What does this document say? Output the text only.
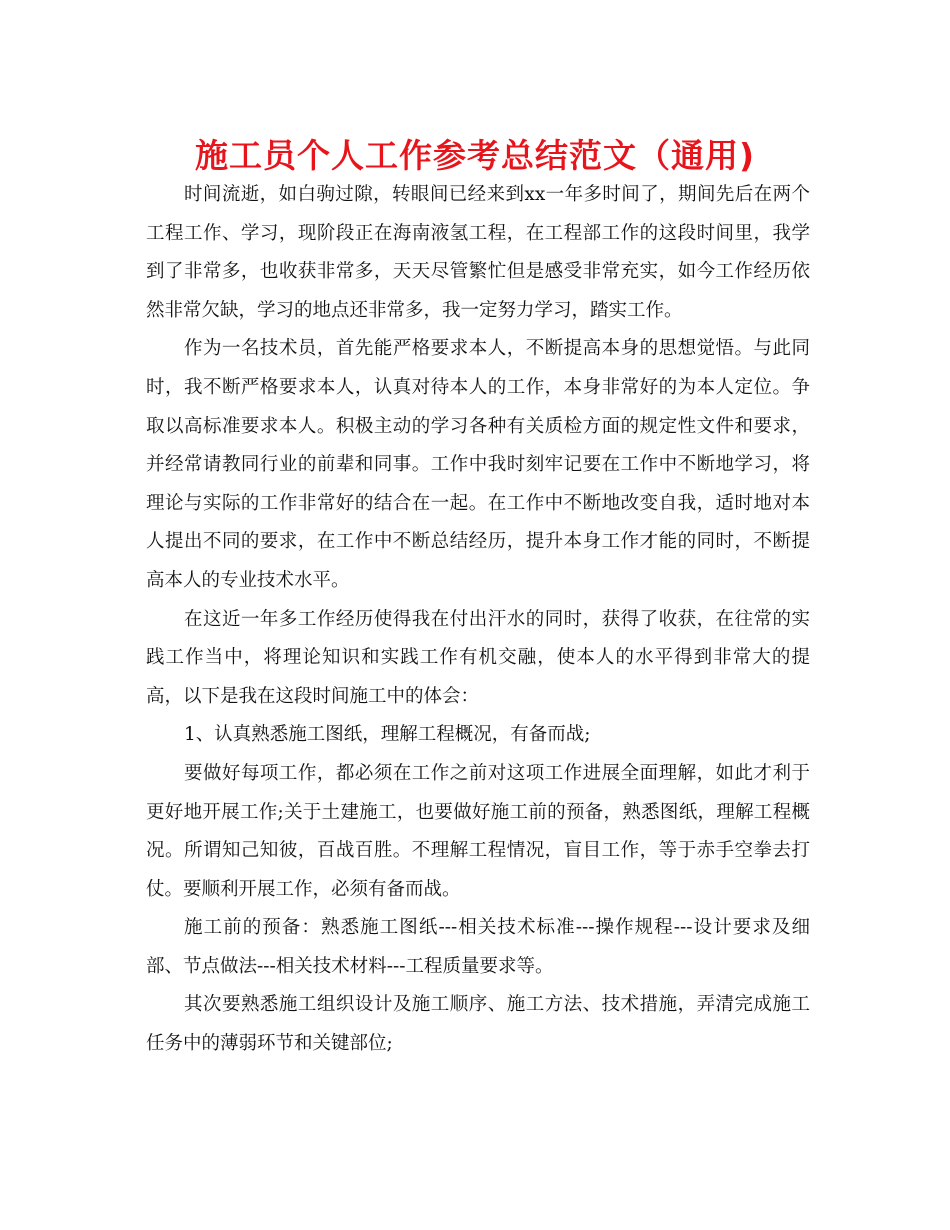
施工员个人工作参考总结范文（通用)

时间流逝，如白驹过隙，转眼间已经来到xx一年多时间了，期间先后在两个工程工作、学习，现阶段正在海南液氢工程，在工程部工作的这段时间里，我学到了非常多，也收获非常多，天天尽管繁忙但是感受非常充实，如今工作经历依然非常欠缺，学习的地点还非常多，我一定努力学习，踏实工作。

作为一名技术员，首先能严格要求本人，不断提高本身的思想觉悟。与此同时，我不断严格要求本人，认真对待本人的工作，本身非常好的为本人定位。争取以高标准要求本人。积极主动的学习各种有关质检方面的规定性文件和要求，并经常请教同行业的前辈和同事。工作中我时刻牢记要在工作中不断地学习，将理论与实际的工作非常好的结合在一起。在工作中不断地改变自我，适时地对本人提出不同的要求，在工作中不断总结经历，提升本身工作才能的同时，不断提高本人的专业技术水平。

在这近一年多工作经历使得我在付出汗水的同时，获得了收获，在往常的实践工作当中，将理论知识和实践工作有机交融，使本人的水平得到非常大的提高，以下是我在这段时间施工中的体会：

1、认真熟悉施工图纸，理解工程概况，有备而战;

要做好每项工作，都必须在工作之前对这项工作进展全面理解，如此才利于更好地开展工作;关于土建施工，也要做好施工前的预备，熟悉图纸，理解工程概况。所谓知己知彼，百战百胜。不理解工程情况，盲目工作，等于赤手空拳去打仗。要顺利开展工作，必须有备而战。

施工前的预备：熟悉施工图纸---相关技术标准---操作规程---设计要求及细部、节点做法---相关技术材料---工程质量要求等。

其次要熟悉施工组织设计及施工顺序、施工方法、技术措施，弄清完成施工任务中的薄弱环节和关键部位;
